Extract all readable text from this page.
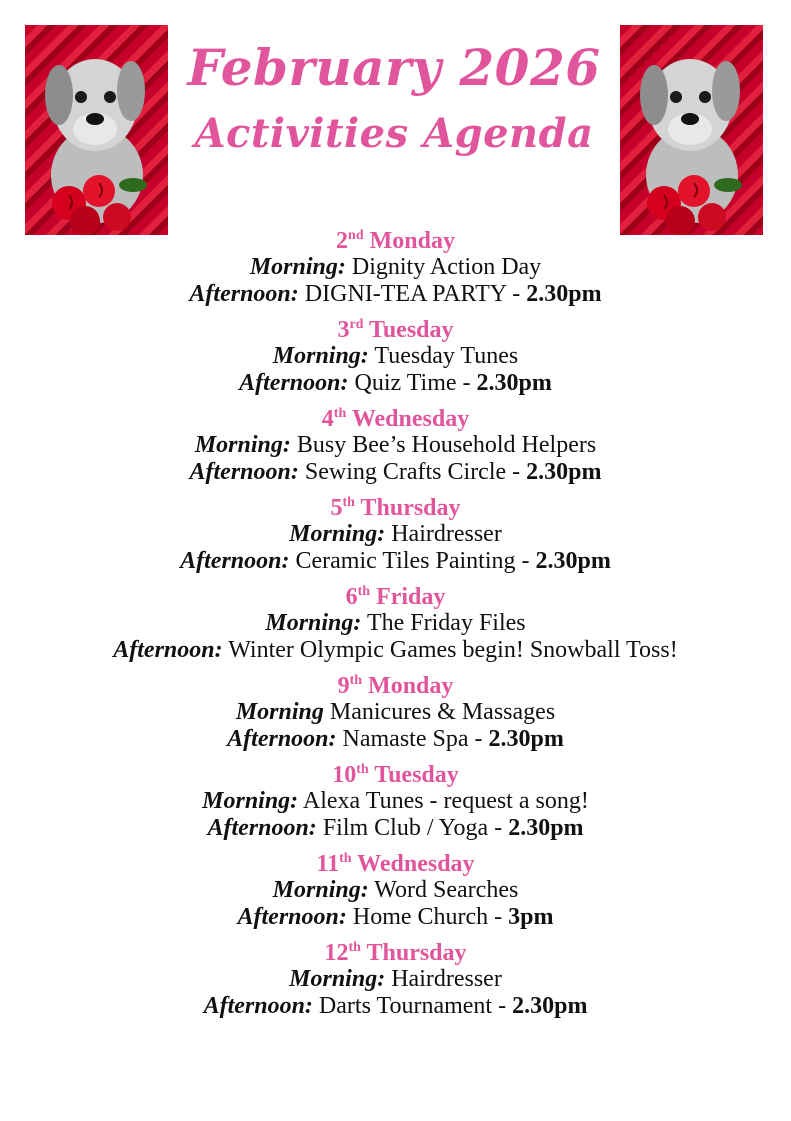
February 2026
Activities Agenda
2nd Monday
Morning: Dignity Action Day
Afternoon: DIGNI-TEA PARTY - 2.30pm
3rd Tuesday
Morning: Tuesday Tunes
Afternoon: Quiz Time - 2.30pm
4th Wednesday
Morning: Busy Bee’s Household Helpers
Afternoon: Sewing Crafts Circle - 2.30pm
5th Thursday
Morning: Hairdresser
Afternoon: Ceramic Tiles Painting - 2.30pm
6th Friday
Morning: The Friday Files
Afternoon: Winter Olympic Games begin! Snowball Toss!
9th Monday
Morning Manicures & Massages
Afternoon: Namaste Spa - 2.30pm
10th Tuesday
Morning: Alexa Tunes - request a song!
Afternoon: Film Club / Yoga - 2.30pm
11th Wednesday
Morning: Word Searches
Afternoon: Home Church - 3pm
12th Thursday
Morning: Hairdresser
Afternoon: Darts Tournament - 2.30pm
